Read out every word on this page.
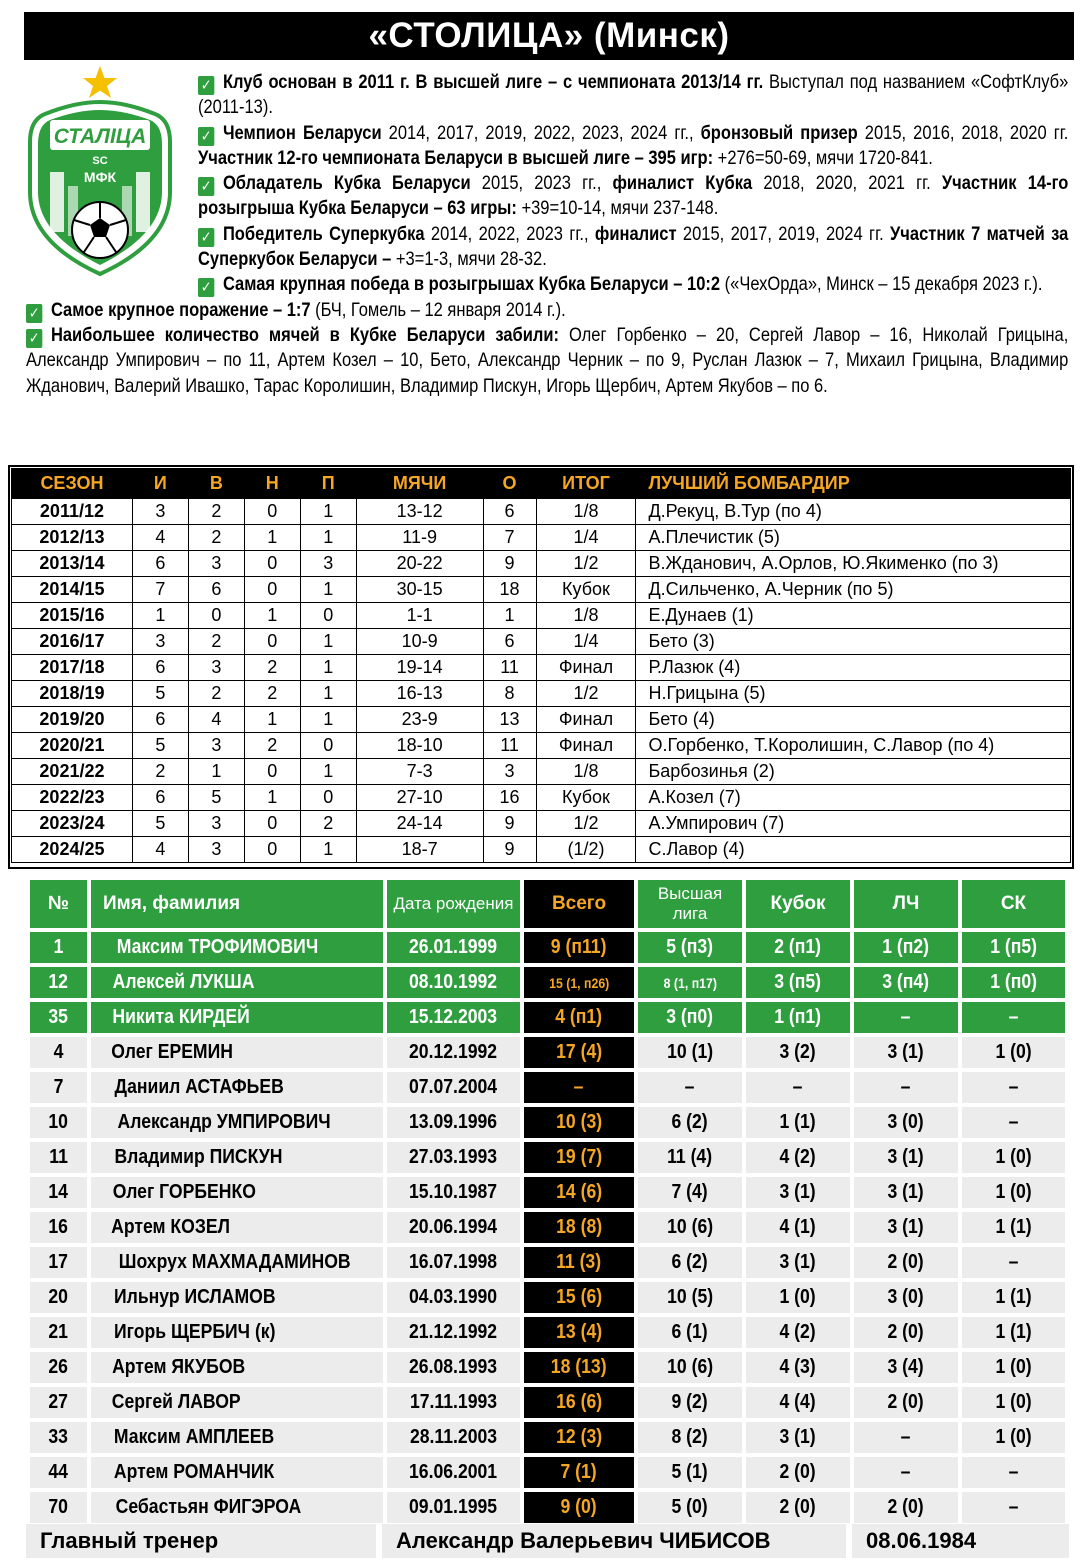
«СТОЛИЦА» (Минск)
СТАЛІЦА
SC
МФК

✓ Клуб основан в 2011 г. В высшей лиге – с чемпионата 2013/14 гг. Выступал под названием «СофтКлуб» (2011-13).

✓ Чемпион Беларуси 2014, 2017, 2019, 2022, 2023, 2024 гг., бронзовый призер 2015, 2016, 2018, 2020 гг. Участник 12-го чемпионата Беларуси в высшей лиге – 395 игр: +276=50-69, мячи 1720-841.

✓ Обладатель Кубка Беларуси 2015, 2023 гг., финалист Кубка 2018, 2020, 2021 гг. Участник 14-го розыгрыша Кубка Беларуси – 63 игры: +39=10-14, мячи 237-148.

✓ Победитель Суперкубка 2014, 2022, 2023 гг., финалист 2015, 2017, 2019, 2024 гг. Участник 7 матчей за Суперкубок Беларуси – +3=1-3, мячи 28-32.

✓ Самая крупная победа в розыгрышах Кубка Беларуси – 10:2 («ЧехОрда», Минск – 15 декабря 2023 г.).

✓ Самое крупное поражение – 1:7 (БЧ, Гомель – 12 января 2014 г.).

✓ Наибольшее количество мячей в Кубке Беларуси забили: Олег Горбенко – 20, Сергей Лавор – 16, Николай Грицына, Александр Умпирович – по 11, Артем Козел – 10, Бето, Александр Черник – по 9, Руслан Лазюк – 7, Михаил Грицына, Владимир Жданович, Валерий Ивашко, Тарас Королишин, Владимир Пискун, Игорь Щербич, Артем Якубов – по 6.

СЕЗОН	И	В	Н	П	МЯЧИ	О	ИТОГ	ЛУЧШИЙ БОМБАРДИР
2011/12	3	2	0	1	13-12	6	1/8	Д.Рекуц, В.Тур (по 4)
2012/13	4	2	1	1	11-9	7	1/4	А.Плечистик (5)
2013/14	6	3	0	3	20-22	9	1/2	В.Жданович, А.Орлов, Ю.Якименко (по 3)
2014/15	7	6	0	1	30-15	18	Кубок	Д.Сильченко, А.Черник (по 5)
2015/16	1	0	1	0	1-1	1	1/8	Е.Дунаев (1)
2016/17	3	2	0	1	10-9	6	1/4	Бето (3)
2017/18	6	3	2	1	19-14	11	Финал	Р.Лазюк (4)
2018/19	5	2	2	1	16-13	8	1/2	Н.Грицына (5)
2019/20	6	4	1	1	23-9	13	Финал	Бето (4)
2020/21	5	3	2	0	18-10	11	Финал	О.Горбенко, Т.Королишин, С.Лавор (по 4)
2021/22	2	1	0	1	7-3	3	1/8	Барбозинья (2)
2022/23	6	5	1	0	27-10	16	Кубок	А.Козел (7)
2023/24	5	3	0	2	24-14	9	1/2	А.Умпирович (7)
2024/25	4	3	0	1	18-7	9	(1/2)	С.Лавор (4)
№	Имя, фамилия	Дата рождения	Всего	Высшая лига	Кубок	ЛЧ	СК
1	Максим ТРОФИМОВИЧ	26.01.1999	9 (п11)	5 (п3)	2 (п1)	1 (п2)	1 (п5)
12	Алексей ЛУКША	08.10.1992	15 (1, п26)	8 (1, п17)	3 (п5)	3 (п4)	1 (п0)
35	Никита КИРДЕЙ	15.12.2003	4 (п1)	3 (п0)	1 (п1)	–	–
4	Олег ЕРЕМИН	20.12.1992	17 (4)	10 (1)	3 (2)	3 (1)	1 (0)
7	Даниил АСТАФЬЕВ	07.07.2004	–	–	–	–	–
10	Александр УМПИРОВИЧ	13.09.1996	10 (3)	6 (2)	1 (1)	3 (0)	–
11	Владимир ПИСКУН	27.03.1993	19 (7)	11 (4)	4 (2)	3 (1)	1 (0)
14	Олег ГОРБЕНКО	15.10.1987	14 (6)	7 (4)	3 (1)	3 (1)	1 (0)
16	Артем КОЗЕЛ	20.06.1994	18 (8)	10 (6)	4 (1)	3 (1)	1 (1)
17	Шохрух МАХМАДАМИНОВ	16.07.1998	11 (3)	6 (2)	3 (1)	2 (0)	–
20	Ильнур ИСЛАМОВ	04.03.1990	15 (6)	10 (5)	1 (0)	3 (0)	1 (1)
21	Игорь ЩЕРБИЧ (к)	21.12.1992	13 (4)	6 (1)	4 (2)	2 (0)	1 (1)
26	Артем ЯКУБОВ	26.08.1993	18 (13)	10 (6)	4 (3)	3 (4)	1 (0)
27	Сергей ЛАВОР	17.11.1993	16 (6)	9 (2)	4 (4)	2 (0)	1 (0)
33	Максим АМПЛЕЕВ	28.11.2003	12 (3)	8 (2)	3 (1)	–	1 (0)
44	Артем РОМАНЧИК	16.06.2001	7 (1)	5 (1)	2 (0)	–	–
70	Себастьян ФИГЭРОА	09.01.1995	9 (0)	5 (0)	2 (0)	2 (0)	–
Главный тренер	Александр Валерьевич ЧИБИСОВ	08.06.1984
